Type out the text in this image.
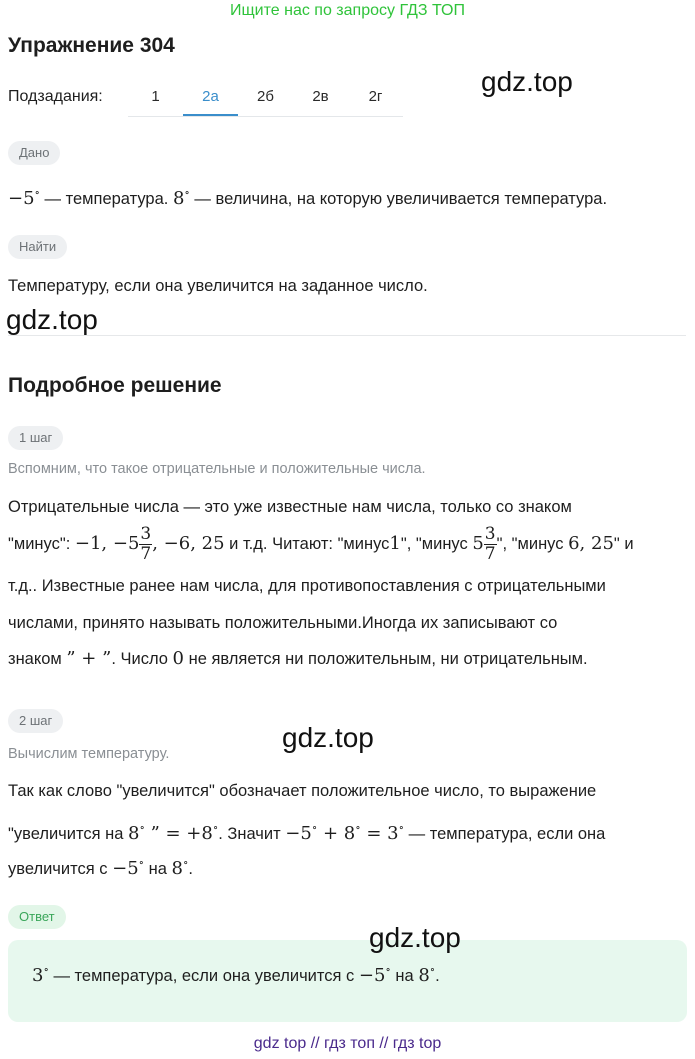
Ищите нас по запросу ГДЗ ТОП
Упражнение 304
gdz.top
Подзадания:	1	2а	2б	2в	2г
Дано
−5∘ — температура. 8∘ — величина, на которую увеличивается температура.
Найти
Температуру, если она увеличится на заданное число.
gdz.top
Подробное решение
1 шаг
Вспомним, что такое отрицательные и положительные числа.
Отрицательные числа — это уже известные нам числа, только со знаком
"минус": −1, $-5 \frac{3}{7}$ , −6, 25 и т.д. Читают: "минус1", "минус $5 \frac{3}{7}$ ", "минус 6, 25" и
т.д.. Известные ранее нам числа, для противопоставления с отрицательными
числами, принято называть положительными.Иногда их записывают со
знаком ” + ”. Число 0 не является ни положительным, ни отрицательным.
2 шаг
gdz.top
Вычислим температуру.
Так как слово "увеличится" обозначает положительное число, то выражение
"увеличится на 8∘ ” = +8∘. Значит −5∘ + 8∘ = 3∘ — температура, если она
увеличится с −5∘ на 8∘.
Ответ
gdz.top
3∘ — температура, если она увеличится с −5∘ на 8∘.
gdz top // гдз топ // гдз top
